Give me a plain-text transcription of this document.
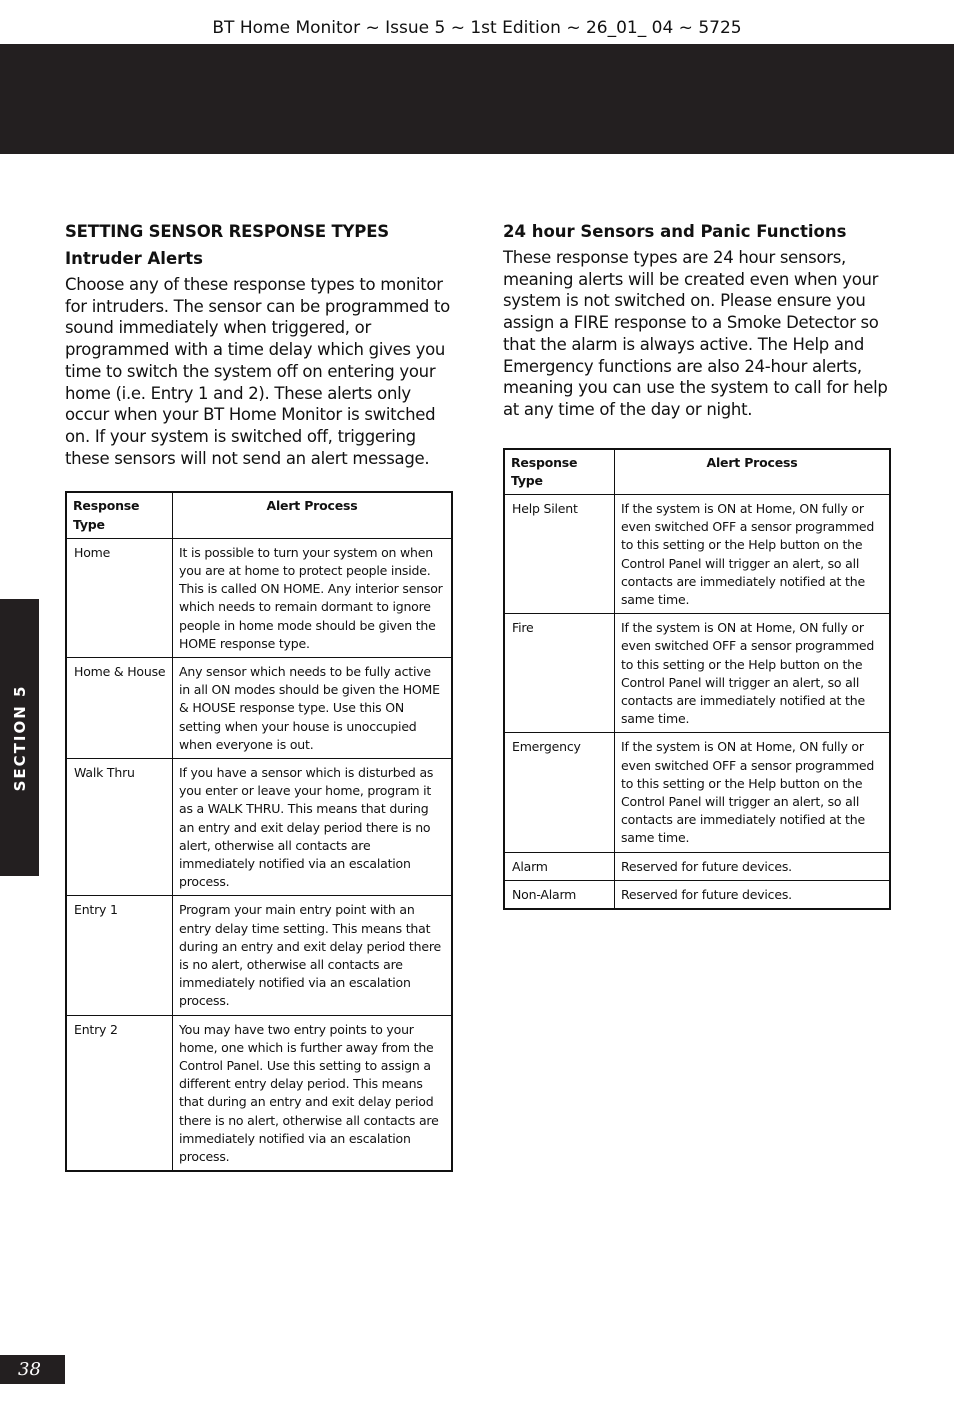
BT Home Monitor ~ Issue 5 ~ 1st Edition ~ 26_01_ 04 ~ 5725
SECTION 5
38
SETTING SENSOR RESPONSE TYPES
Intruder Alerts

Choose any of these response types to monitor for intruders. The sensor can be programmed to sound immediately when triggered, or programmed with a time delay which gives you time to switch the system off on entering your home (i.e. Entry 1 and 2). These alerts only occur when your BT Home Monitor is switched on. If your system is switched off, triggering these sensors will not send an alert message.

Response Type	Alert Process
Home	It is possible to turn your system on when you are at home to protect people inside. This is called ON HOME. Any interior sensor which needs to remain dormant to ignore people in home mode should be given the HOME response type.
Home & House	Any sensor which needs to be fully active in all ON modes should be given the HOME & HOUSE response type. Use this ON setting when your house is unoccupied when everyone is out.
Walk Thru	If you have a sensor which is disturbed as you enter or leave your home, program it as a WALK THRU. This means that during an entry and exit delay period there is no alert, otherwise all contacts are immediately notified via an escalation process.
Entry 1	Program your main entry point with an entry delay time setting. This means that during an entry and exit delay period there is no alert, otherwise all contacts are immediately notified via an escalation process.
Entry 2	You may have two entry points to your home, one which is further away from the Control Panel. Use this setting to assign a different entry delay period. This means that during an entry and exit delay period there is no alert, otherwise all contacts are immediately notified via an escalation process.
24 hour Sensors and Panic Functions

These response types are 24 hour sensors, meaning alerts will be created even when your system is not switched on. Please ensure you assign a FIRE response to a Smoke Detector so that the alarm is always active. The Help and Emergency functions are also 24-hour alerts, meaning you can use the system to call for help at any time of the day or night.

Response Type	Alert Process
Help Silent	If the system is ON at Home, ON fully or even switched OFF a sensor programmed to this setting or the Help button on the Control Panel will trigger an alert, so all contacts are immediately notified at the same time.
Fire	If the system is ON at Home, ON fully or even switched OFF a sensor programmed to this setting or the Help button on the Control Panel will trigger an alert, so all contacts are immediately notified at the same time.
Emergency	If the system is ON at Home, ON fully or even switched OFF a sensor programmed to this setting or the Help button on the Control Panel will trigger an alert, so all contacts are immediately notified at the same time.
Alarm	Reserved for future devices.
Non-Alarm	Reserved for future devices.
